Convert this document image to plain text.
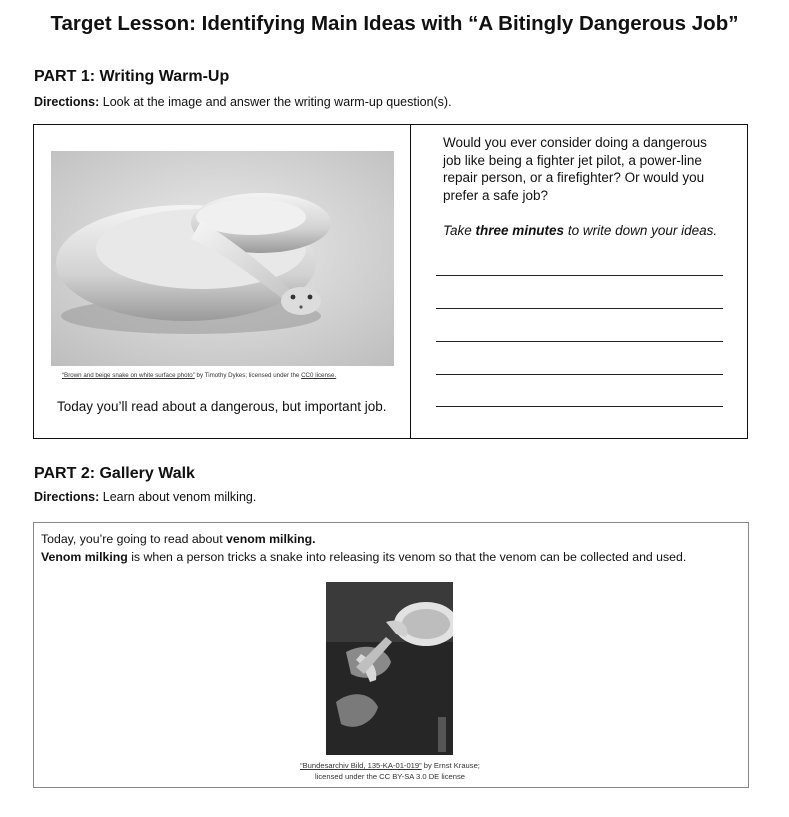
Target Lesson: Identifying Main Ideas with “A Bitingly Dangerous Job”
PART 1: Writing Warm-Up
Directions: Look at the image and answer the writing warm-up question(s).
“Brown and beige snake on white surface photo” by Timothy Dykes; licensed under the CC0 license.
Today you’ll read about a dangerous, but important job.
Would you ever consider doing a dangerous job like being a fighter jet pilot, a power-line repair person, or a firefighter? Or would you prefer a safe job?
Take three minutes to write down your ideas.
PART 2: Gallery Walk
Directions: Learn about venom milking.
Today, you’re going to read about venom milking.
Venom milking is when a person tricks a snake into releasing its venom so that the venom can be collected and used.
“Bundesarchiv Bild, 135-KA-01-019” by Ernst Krause;
licensed under the CC BY-SA 3.0 DE license
